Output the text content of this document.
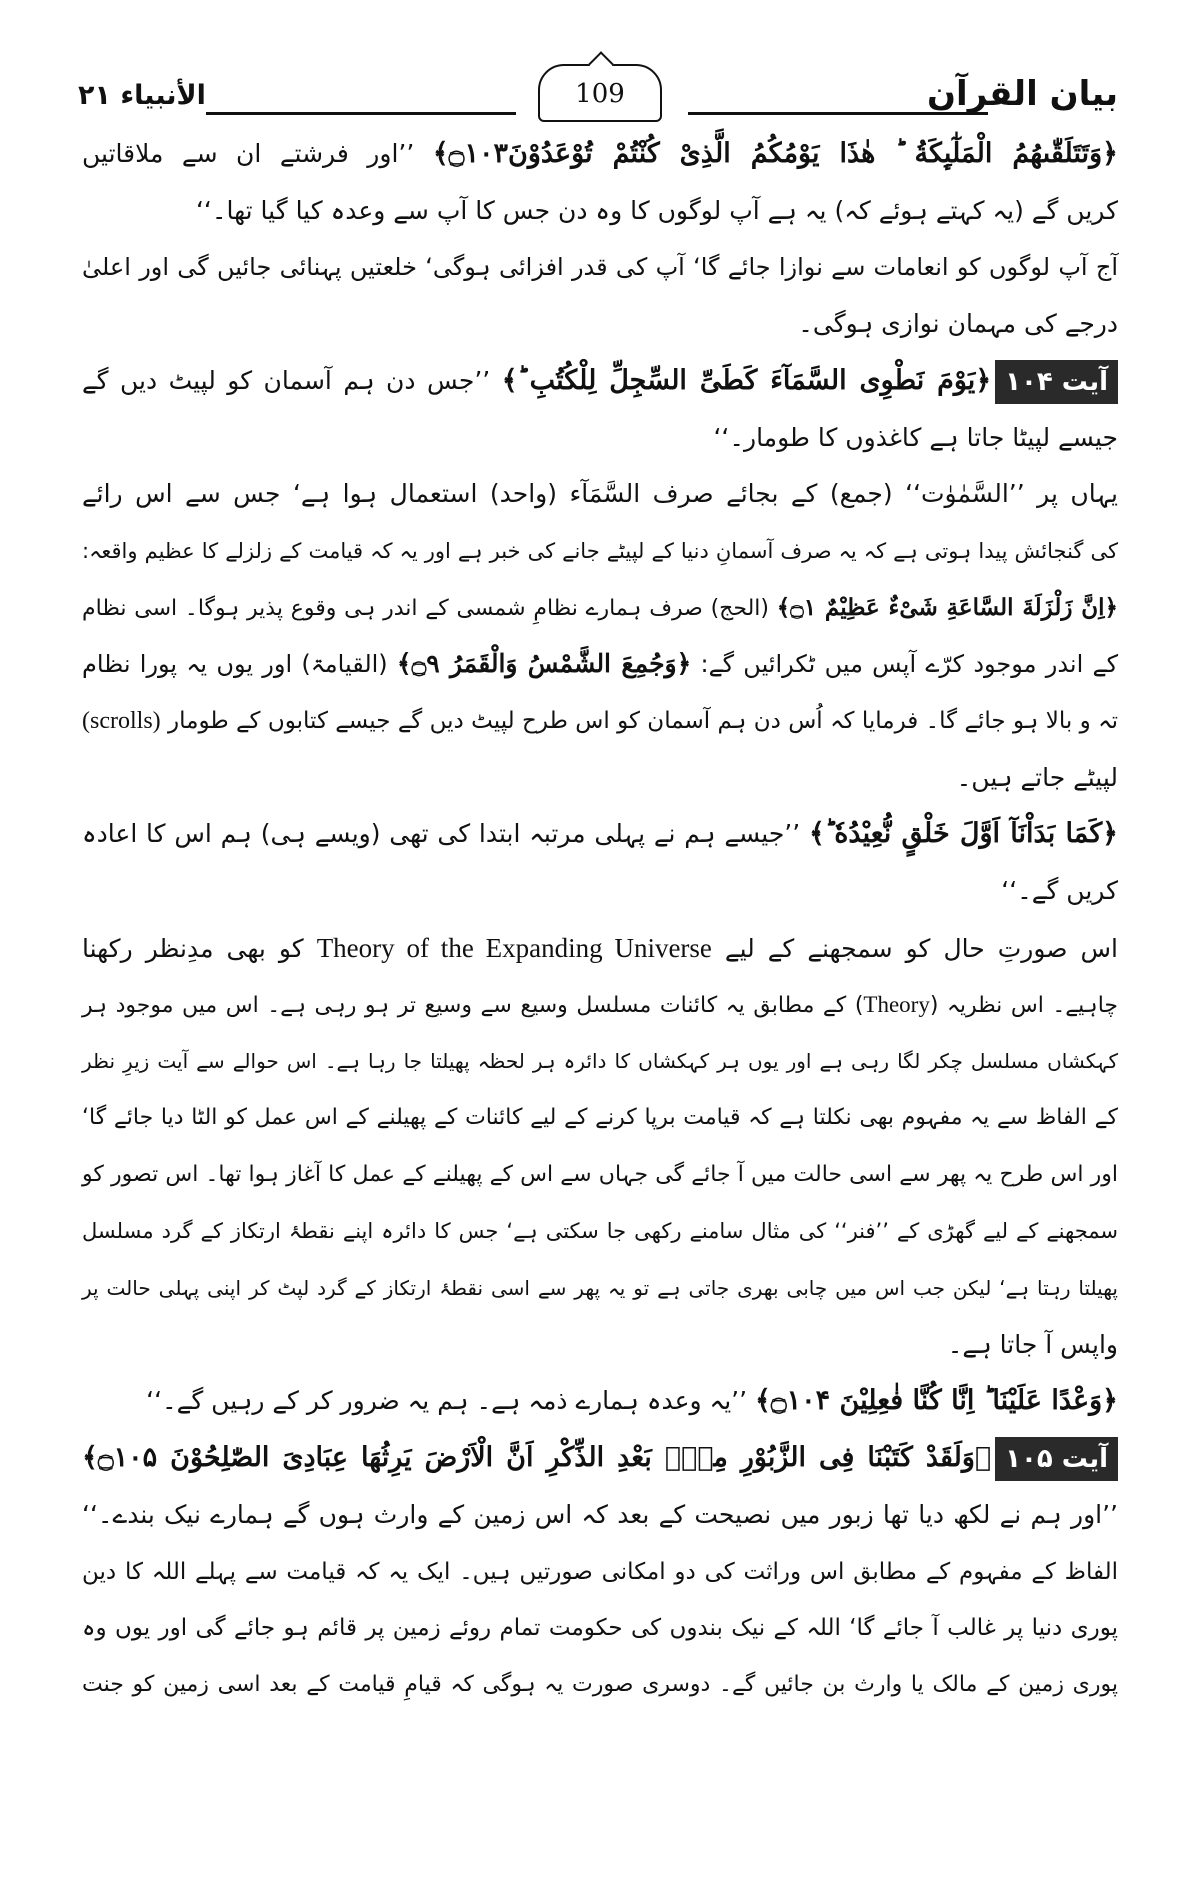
الأنبیاء ۲۱	109	بیان القرآن
﴿وَتَتَلَقّٰىهُمُ الْمَلٰٓىِٕكَةُ ؕ هٰذَا يَوْمُكُمُ الَّذِیْ كُنْتُمْ تُوْعَدُوْنَ۝۱۰۳﴾ ’’اور فرشتے ان سے ملاقاتیں
کریں گے (یہ کہتے ہوئے کہ) یہ ہے آپ لوگوں کا وہ دن جس کا آپ سے وعدہ کیا گیا تھا۔‘‘
آج آپ لوگوں کو انعامات سے نوازا جائے گا‘ آپ کی قدر افزائی ہوگی‘ خلعتیں پہنائی جائیں گی اور اعلیٰ
درجے کی مہمان نوازی ہوگی۔
آیت ۱۰۴﴿يَوْمَ نَطْوِی السَّمَآءَ كَطَیِّ السِّجِلِّ لِلْكُتُبِ ؕ﴾ ’’جس دن ہم آسمان کو لپیٹ دیں گے
جیسے لپیٹا جاتا ہے کاغذوں کا طومار۔‘‘
یہاں پر ’’السَّمٰوٰت‘‘ (جمع) کے بجائے صرف السَّمَآء (واحد) استعمال ہوا ہے‘ جس سے اس رائے
کی گنجائش پیدا ہوتی ہے کہ یہ صرف آسمانِ دنیا کے لپیٹے جانے کی خبر ہے اور یہ کہ قیامت کے زلزلے کا عظیم واقعہ:
﴿اِنَّ زَلْزَلَةَ السَّاعَةِ شَیْءٌ عَظِیْمٌ ۝۱﴾ (الحج) صرف ہمارے نظامِ شمسی کے اندر ہی وقوع پذیر ہوگا۔ اسی نظام
کے اندر موجود کرّے آپس میں ٹکرائیں گے: ﴿وَجُمِعَ الشَّمْسُ وَالْقَمَرُ ۝۹﴾ (القیامۃ) اور یوں یہ پورا نظام
تہ و بالا ہو جائے گا۔ فرمایا کہ اُس دن ہم آسمان کو اس طرح لپیٹ دیں گے جیسے کتابوں کے طومار (scrolls)
لپیٹے جاتے ہیں۔
﴿كَمَا بَدَاْنَآ اَوَّلَ خَلْقٍ نُّعِیْدُهٗ ؕ﴾ ’’جیسے ہم نے پہلی مرتبہ ابتدا کی تھی (ویسے ہی) ہم اس کا اعادہ
کریں گے۔‘‘
اس صورتِ حال کو سمجھنے کے لیے Theory of the Expanding Universe کو بھی مدِنظر رکھنا
چاہیے۔ اس نظریہ (Theory) کے مطابق یہ کائنات مسلسل وسیع سے وسیع تر ہو رہی ہے۔ اس میں موجود ہر
کہکشاں مسلسل چکر لگا رہی ہے اور یوں ہر کہکشاں کا دائرہ ہر لحظہ پھیلتا جا رہا ہے۔ اس حوالے سے آیت زیرِ نظر
کے الفاظ سے یہ مفہوم بھی نکلتا ہے کہ قیامت برپا کرنے کے لیے کائنات کے پھیلنے کے اس عمل کو الٹا دیا جائے گا‘
اور اس طرح یہ پھر سے اسی حالت میں آ جائے گی جہاں سے اس کے پھیلنے کے عمل کا آغاز ہوا تھا۔ اس تصور کو
سمجھنے کے لیے گھڑی کے ’’فنر‘‘ کی مثال سامنے رکھی جا سکتی ہے‘ جس کا دائرہ اپنے نقطۂ ارتکاز کے گرد مسلسل
پھیلتا رہتا ہے‘ لیکن جب اس میں چابی بھری جاتی ہے تو یہ پھر سے اسی نقطۂ ارتکاز کے گرد لپٹ کر اپنی پہلی حالت پر
واپس آ جاتا ہے۔
﴿وَعْدًا عَلَیْنَا ؕ اِنَّا كُنَّا فٰعِلِیْنَ ۝۱۰۴﴾ ’’یہ وعدہ ہمارے ذمہ ہے۔ ہم یہ ضرور کر کے رہیں گے۔‘‘
آیت ۱۰۵﴿وَلَقَدْ كَتَبْنَا فِی الزَّبُوْرِ مِنْۢ بَعْدِ الذِّكْرِ اَنَّ الْاَرْضَ یَرِثُهَا عِبَادِیَ الصّٰلِحُوْنَ ۝۱۰۵﴾
’’اور ہم نے لکھ دیا تھا زبور میں نصیحت کے بعد کہ اس زمین کے وارث ہوں گے ہمارے نیک بندے۔‘‘
الفاظ کے مفہوم کے مطابق اس وراثت کی دو امکانی صورتیں ہیں۔ ایک یہ کہ قیامت سے پہلے اللہ کا دین
پوری دنیا پر غالب آ جائے گا‘ اللہ کے نیک بندوں کی حکومت تمام روئے زمین پر قائم ہو جائے گی اور یوں وہ
پوری زمین کے مالک یا وارث بن جائیں گے۔ دوسری صورت یہ ہوگی کہ قیامِ قیامت کے بعد اسی زمین کو جنت
